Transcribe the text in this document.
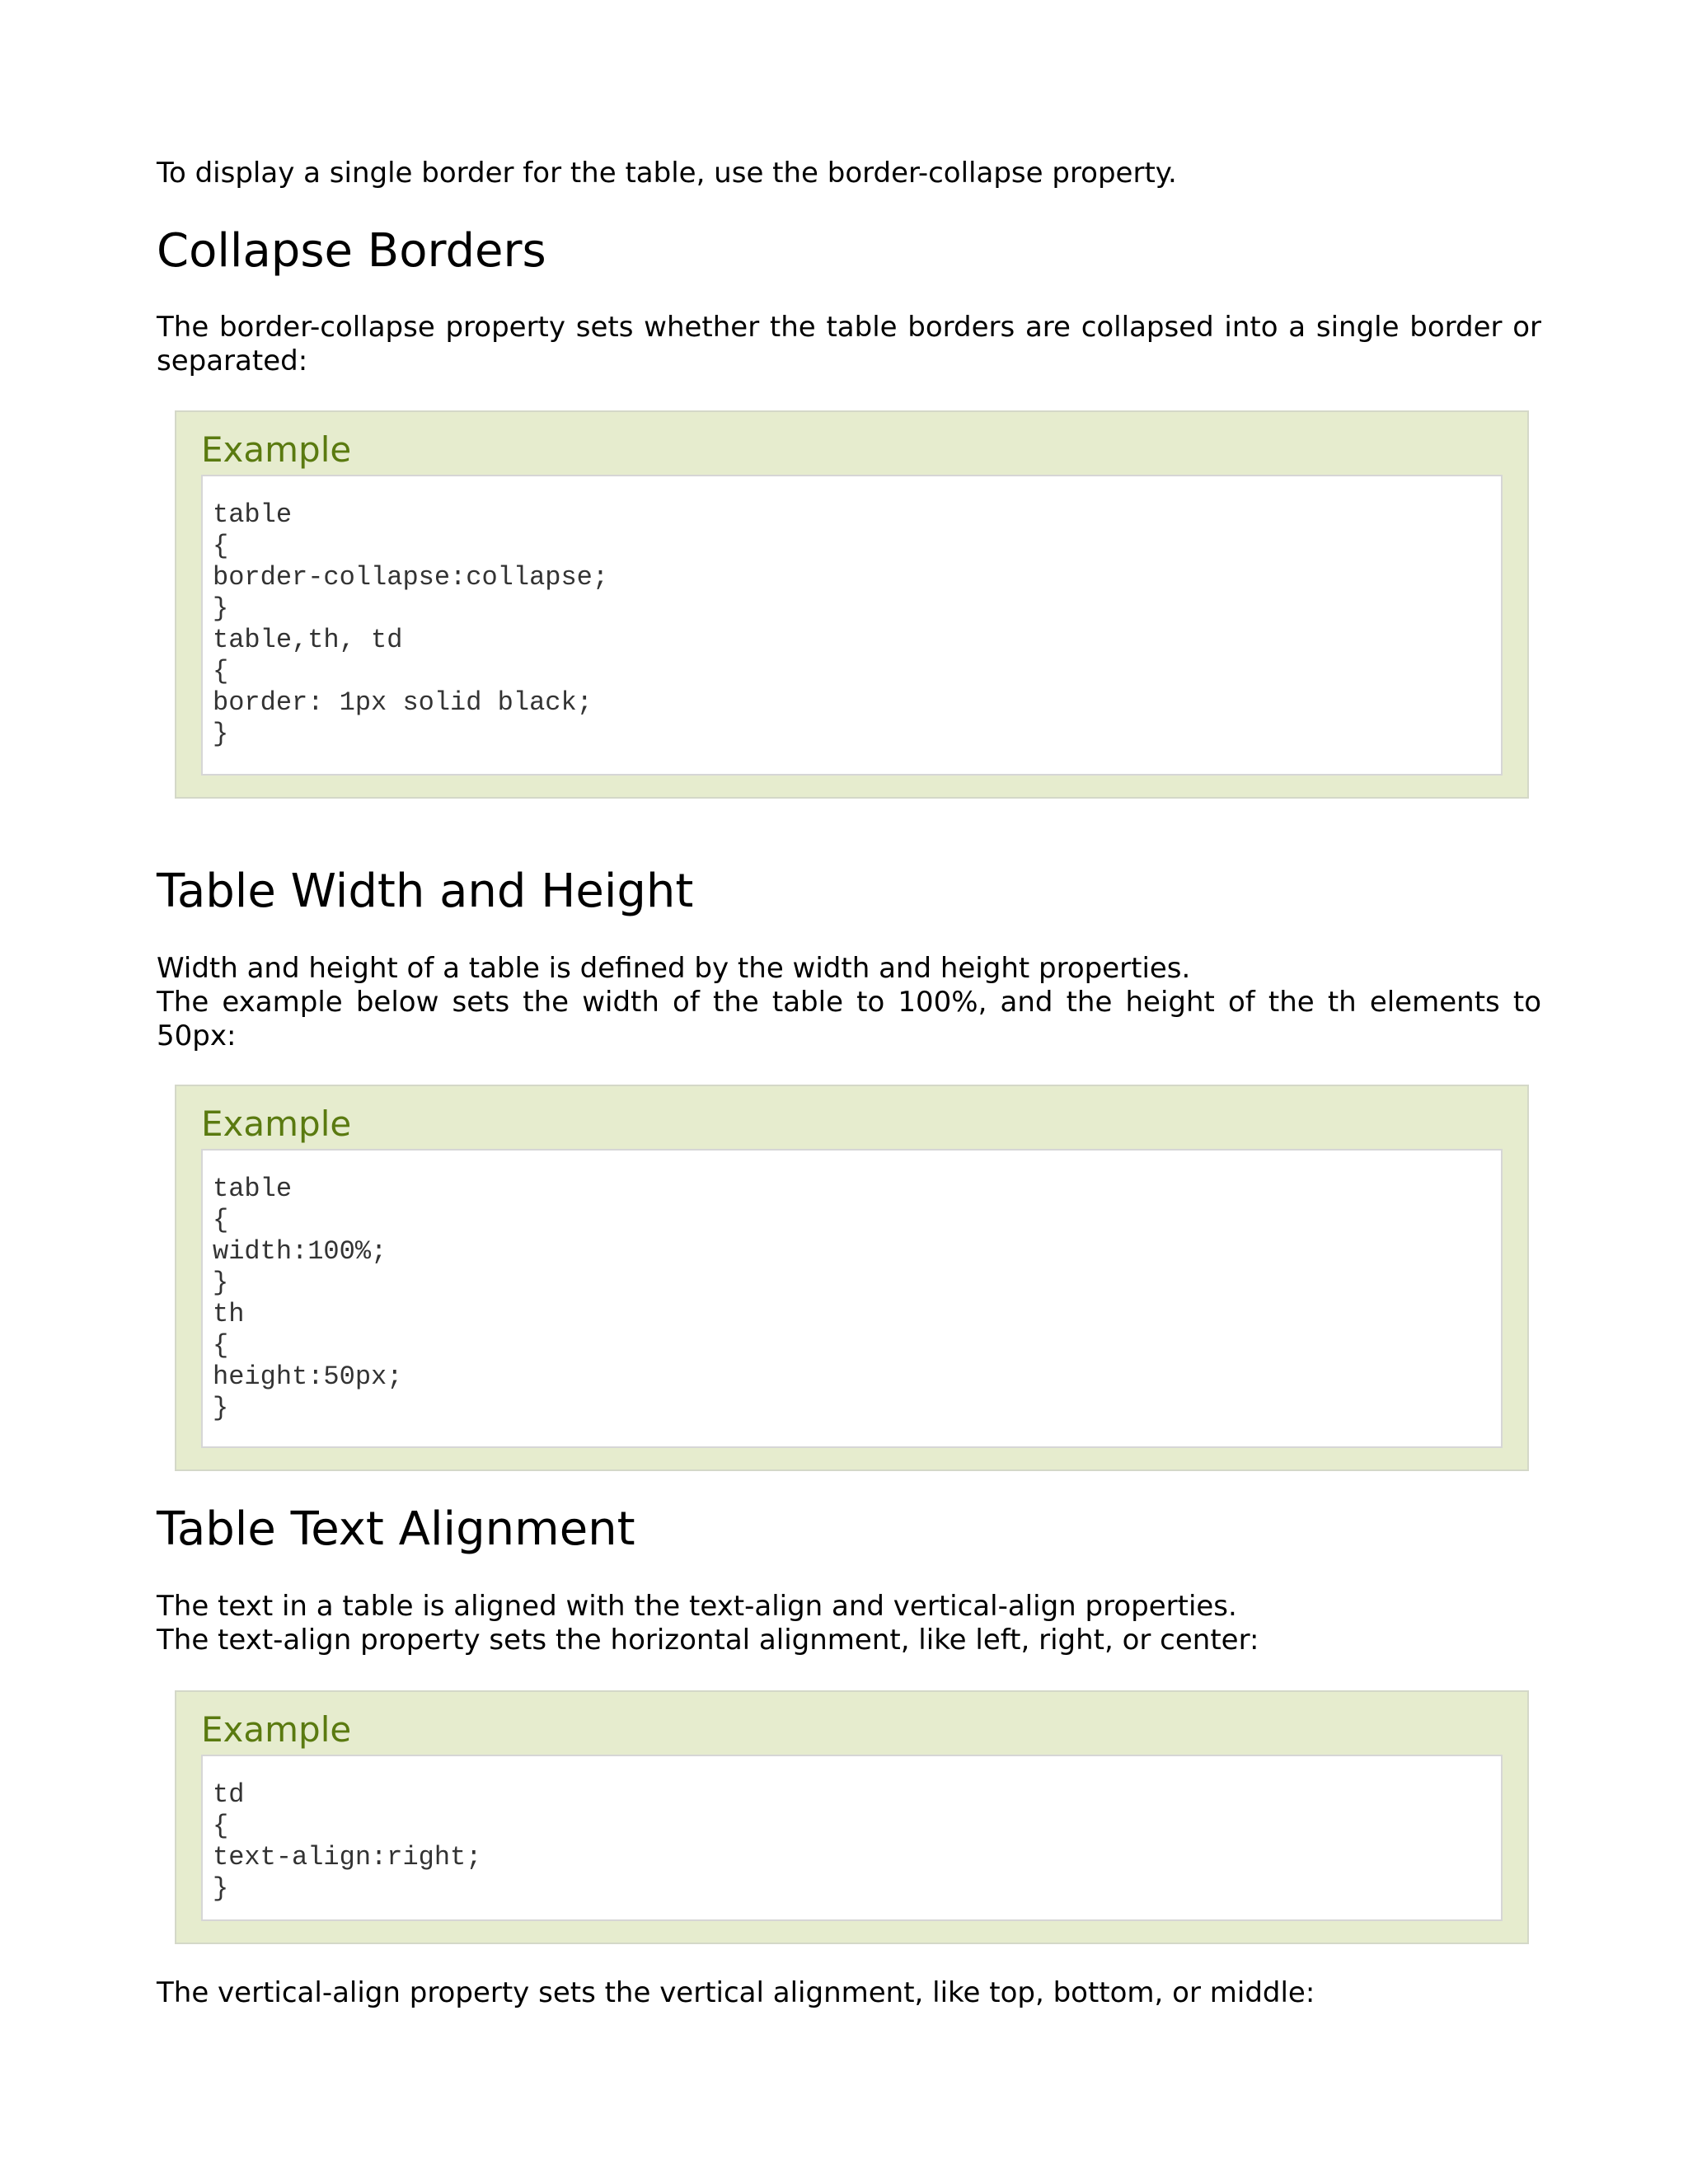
To display a single border for the table, use the border-collapse property.

Collapse Borders

The border-collapse property sets whether the table borders are collapsed into a single border or separated:

Example
table
{
border-collapse:collapse;
}
table,th, td
{
border: 1px solid black;
}
Table Width and Height

Width and height of a table is defined by the width and height properties.

The example below sets the width of the table to 100%, and the height of the th elements to 50px:

Example
table
{
width:100%;
}
th
{
height:50px;
}
Table Text Alignment

The text in a table is aligned with the text-align and vertical-align properties.

The text-align property sets the horizontal alignment, like left, right, or center:

Example
td
{
text-align:right;
}

The vertical-align property sets the vertical alignment, like top, bottom, or middle:
